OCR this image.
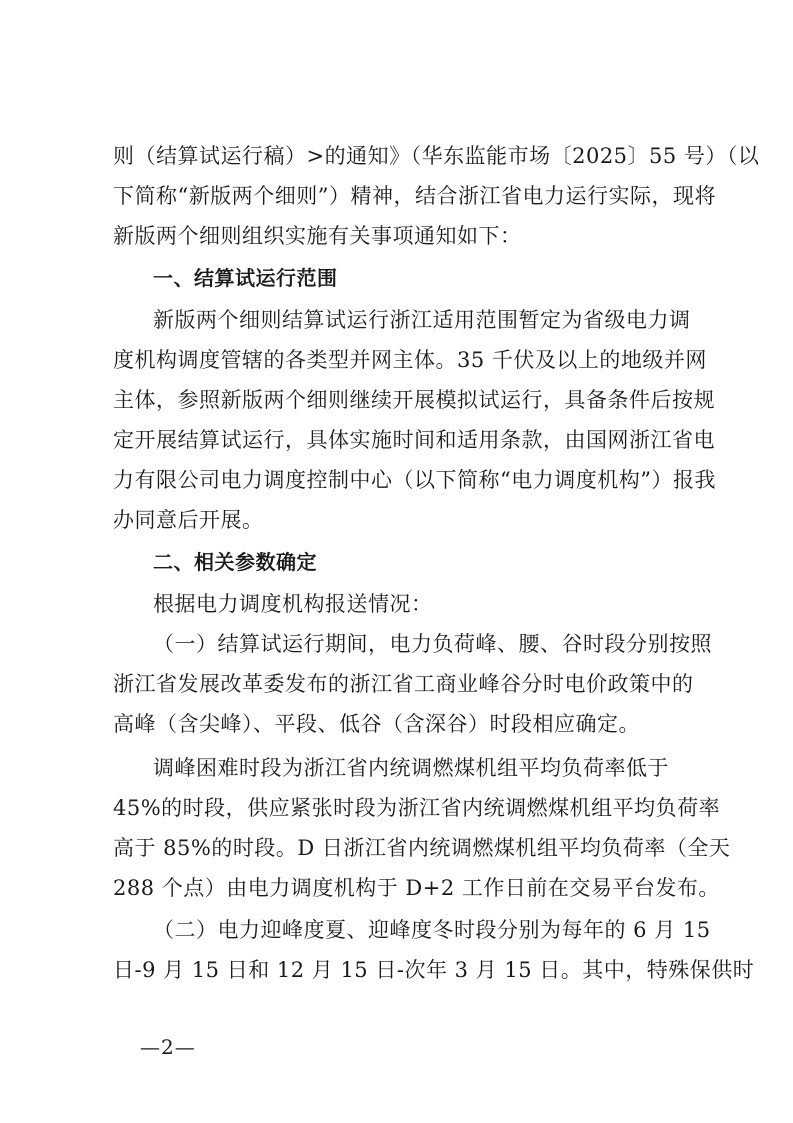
则（结算试运行稿）>的通知》（华东监能市场〔2025〕55 号）（以
下简称“新版两个细则”）精神，结合浙江省电力运行实际，现将
新版两个细则组织实施有关事项通知如下：
一、结算试运行范围
新版两个细则结算试运行浙江适用范围暂定为省级电力调
度机构调度管辖的各类型并网主体。35 千伏及以上的地级并网
主体，参照新版两个细则继续开展模拟试运行，具备条件后按规
定开展结算试运行，具体实施时间和适用条款，由国网浙江省电
力有限公司电力调度控制中心（以下简称“电力调度机构”）报我
办同意后开展。
二、相关参数确定
根据电力调度机构报送情况：
（一）结算试运行期间，电力负荷峰、腰、谷时段分别按照
浙江省发展改革委发布的浙江省工商业峰谷分时电价政策中的
高峰（含尖峰）、平段、低谷（含深谷）时段相应确定。
调峰困难时段为浙江省内统调燃煤机组平均负荷率低于
45%的时段，供应紧张时段为浙江省内统调燃煤机组平均负荷率
高于 85%的时段。D 日浙江省内统调燃煤机组平均负荷率（全天
288 个点）由电力调度机构于 D+2 工作日前在交易平台发布。
（二）电力迎峰度夏、迎峰度冬时段分别为每年的 6 月 15
日-9 月 15 日和 12 月 15 日-次年 3 月 15 日。其中，特殊保供时
—2—
